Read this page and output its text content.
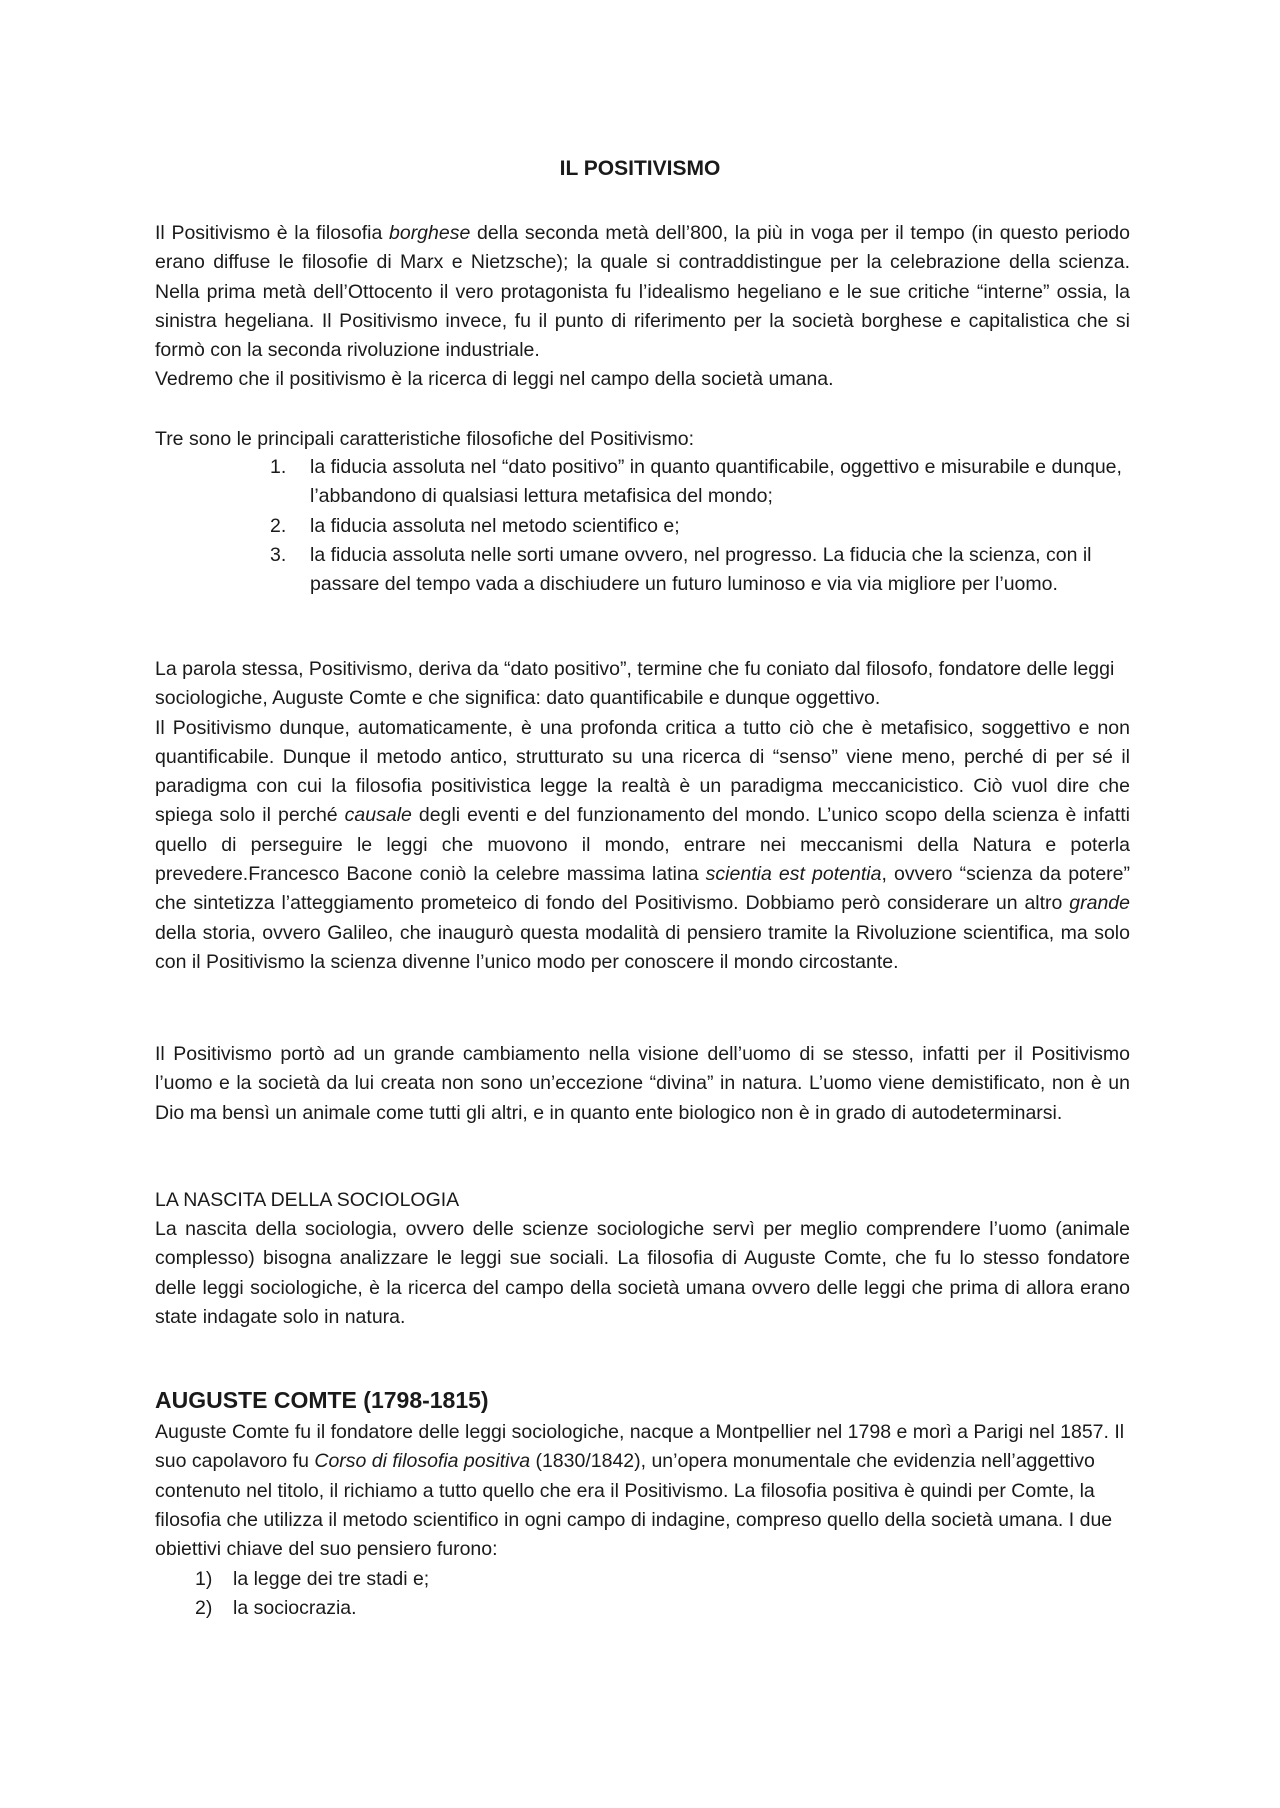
IL POSITIVISMO

Il Positivismo è la filosofia borghese della seconda metà dell’800, la più in voga per il tempo (in questo periodo erano diffuse le filosofie di Marx e Nietzsche); la quale si contraddistingue per la celebrazione della scienza. Nella prima metà dell’Ottocento il vero protagonista fu l’idealismo hegeliano e le sue critiche “interne” ossia, la sinistra hegeliana. Il Positivismo invece, fu il punto di riferimento per la società borghese e capitalistica che si formò con la seconda rivoluzione industriale.
Vedremo che il positivismo è la ricerca di leggi nel campo della società umana.

Tre sono le principali caratteristiche filosofiche del Positivismo:

1. la fiducia assoluta nel “dato positivo” in quanto quantificabile, oggettivo e misurabile e dunque, l’abbandono di qualsiasi lettura metafisica del mondo;
2. la fiducia assoluta nel metodo scientifico e;
3. la fiducia assoluta nelle sorti umane ovvero, nel progresso. La fiducia che la scienza, con il passare del tempo vada a dischiudere un futuro luminoso e via via migliore per l’uomo.

La parola stessa, Positivismo, deriva da “dato positivo”, termine che fu coniato dal filosofo, fondatore delle leggi sociologiche, Auguste Comte e che significa: dato quantificabile e dunque oggettivo.

Il Positivismo dunque, automaticamente, è una profonda critica a tutto ciò che è metafisico, soggettivo e non quantificabile. Dunque il metodo antico, strutturato su una ricerca di “senso” viene meno, perché di per sé il paradigma con cui la filosofia positivistica legge la realtà è un paradigma meccanicistico. Ciò vuol dire che spiega solo il perché causale degli eventi e del funzionamento del mondo. L’unico scopo della scienza è infatti quello di perseguire le leggi che muovono il mondo, entrare nei meccanismi della Natura e poterla prevedere.Francesco Bacone coniò la celebre massima latina scientia est potentia, ovvero “scienza da potere” che sintetizza l’atteggiamento prometeico di fondo del Positivismo. Dobbiamo però considerare un altro grande della storia, ovvero Galileo, che inaugurò questa modalità di pensiero tramite la Rivoluzione scientifica, ma solo con il Positivismo la scienza divenne l’unico modo per conoscere il mondo circostante.

Il Positivismo portò ad un grande cambiamento nella visione dell’uomo di se stesso, infatti per il Positivismo l’uomo e la società da lui creata non sono un’eccezione “divina” in natura. L’uomo viene demistificato, non è un Dio ma bensì un animale come tutti gli altri, e in quanto ente biologico non è in grado di autodeterminarsi.

LA NASCITA DELLA SOCIOLOGIA

La nascita della sociologia, ovvero delle scienze sociologiche servì per meglio comprendere l’uomo (animale complesso) bisogna analizzare le leggi sue sociali. La filosofia di Auguste Comte, che fu lo stesso fondatore delle leggi sociologiche, è la ricerca del campo della società umana ovvero delle leggi che prima di allora erano state indagate solo in natura.

AUGUSTE COMTE (1798-1815)

Auguste Comte fu il fondatore delle leggi sociologiche, nacque a Montpellier nel 1798 e morì a Parigi nel 1857. Il suo capolavoro fu Corso di filosofia positiva (1830/1842), un’opera monumentale che evidenzia nell’aggettivo contenuto nel titolo, il richiamo a tutto quello che era il Positivismo. La filosofia positiva è quindi per Comte, la filosofia che utilizza il metodo scientifico in ogni campo di indagine, compreso quello della società umana. I due obiettivi chiave del suo pensiero furono:

1) la legge dei tre stadi e;
2) la sociocrazia.
